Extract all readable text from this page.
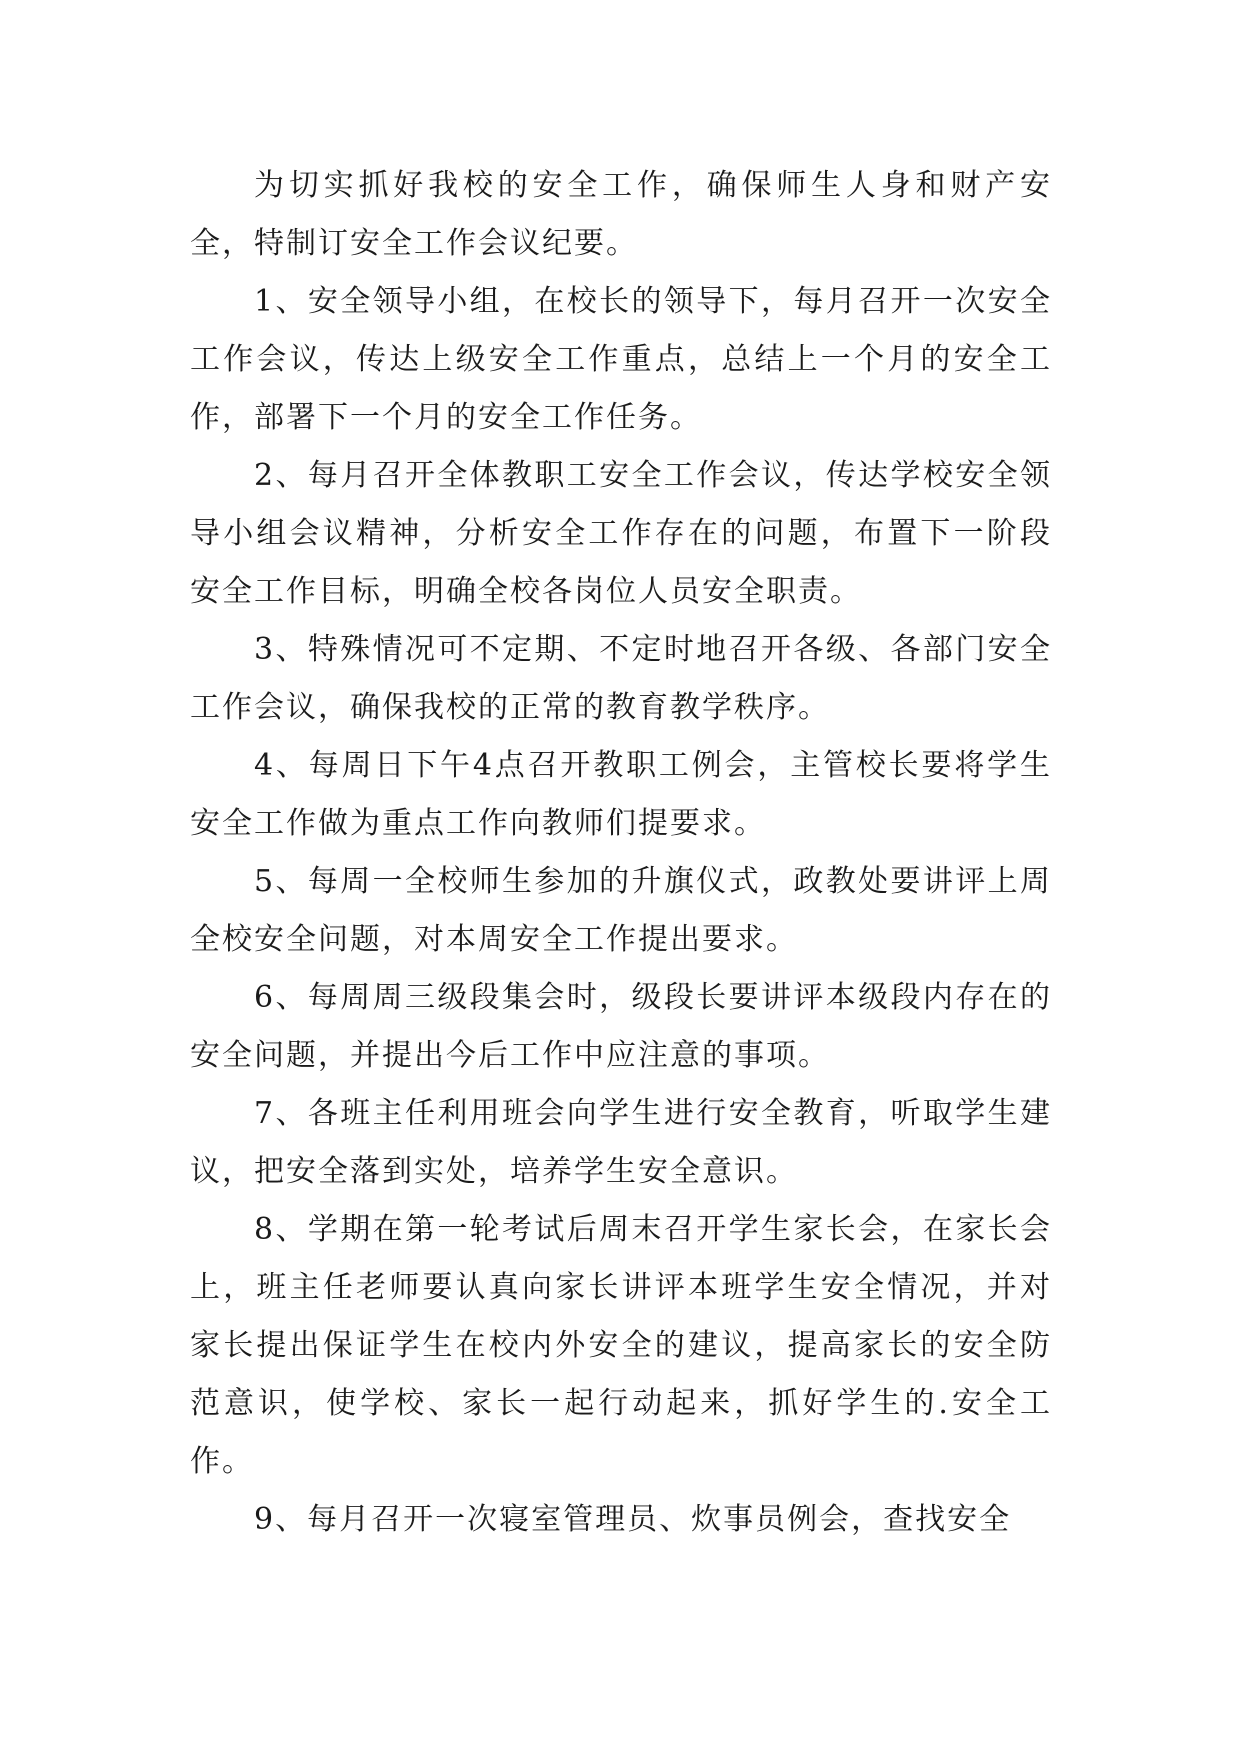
为切实抓好我校的安全工作，确保师生人身和财产安全，特制订安全工作会议纪要。

1、安全领导小组，在校长的领导下，每月召开一次安全工作会议，传达上级安全工作重点，总结上一个月的安全工作，部署下一个月的安全工作任务。

2、每月召开全体教职工安全工作会议，传达学校安全领导小组会议精神，分析安全工作存在的问题，布置下一阶段安全工作目标，明确全校各岗位人员安全职责。

3、特殊情况可不定期、不定时地召开各级、各部门安全工作会议，确保我校的正常的教育教学秩序。

4、每周日下午4点召开教职工例会，主管校长要将学生安全工作做为重点工作向教师们提要求。

5、每周一全校师生参加的升旗仪式，政教处要讲评上周全校安全问题，对本周安全工作提出要求。

6、每周周三级段集会时，级段长要讲评本级段内存在的安全问题，并提出今后工作中应注意的事项。

7、各班主任利用班会向学生进行安全教育，听取学生建议，把安全落到实处，培养学生安全意识。

8、学期在第一轮考试后周末召开学生家长会，在家长会上，班主任老师要认真向家长讲评本班学生安全情况，并对家长提出保证学生在校内外安全的建议，提高家长的安全防范意识，使学校、家长一起行动起来，抓好学生的.安全工作。

9、每月召开一次寝室管理员、炊事员例会，查找安全
